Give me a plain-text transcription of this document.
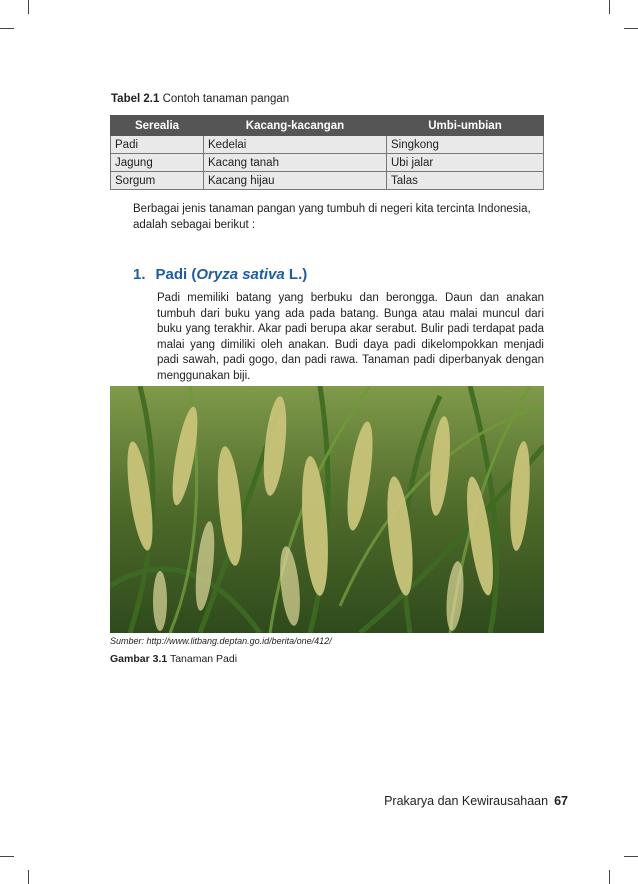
Tabel 2.1 Contoh tanaman pangan
Serealia	Kacang-kacangan	Umbi-umbian
Padi	Kedelai	Singkong
Jagung	Kacang tanah	Ubi jalar
Sorgum	Kacang hijau	Talas

Berbagai jenis tanaman pangan yang tumbuh di negeri kita tercinta Indonesia, adalah sebagai berikut :

1. Padi (Oryza sativa L.)

Padi memiliki batang yang berbuku dan berongga. Daun dan anakan tumbuh dari buku yang ada pada batang. Bunga atau malai muncul dari buku yang terakhir. Akar padi berupa akar serabut. Bulir padi terdapat pada malai yang dimiliki oleh anakan. Budi daya padi dikelompokkan menjadi padi sawah, padi gogo, dan padi rawa. Tanaman padi diperbanyak dengan menggunakan biji.

Sumber: http://www.litbang.deptan.go.id/berita/one/412/
Gambar 3.1 Tanaman Padi
Prakarya dan Kewirausahaan 67
